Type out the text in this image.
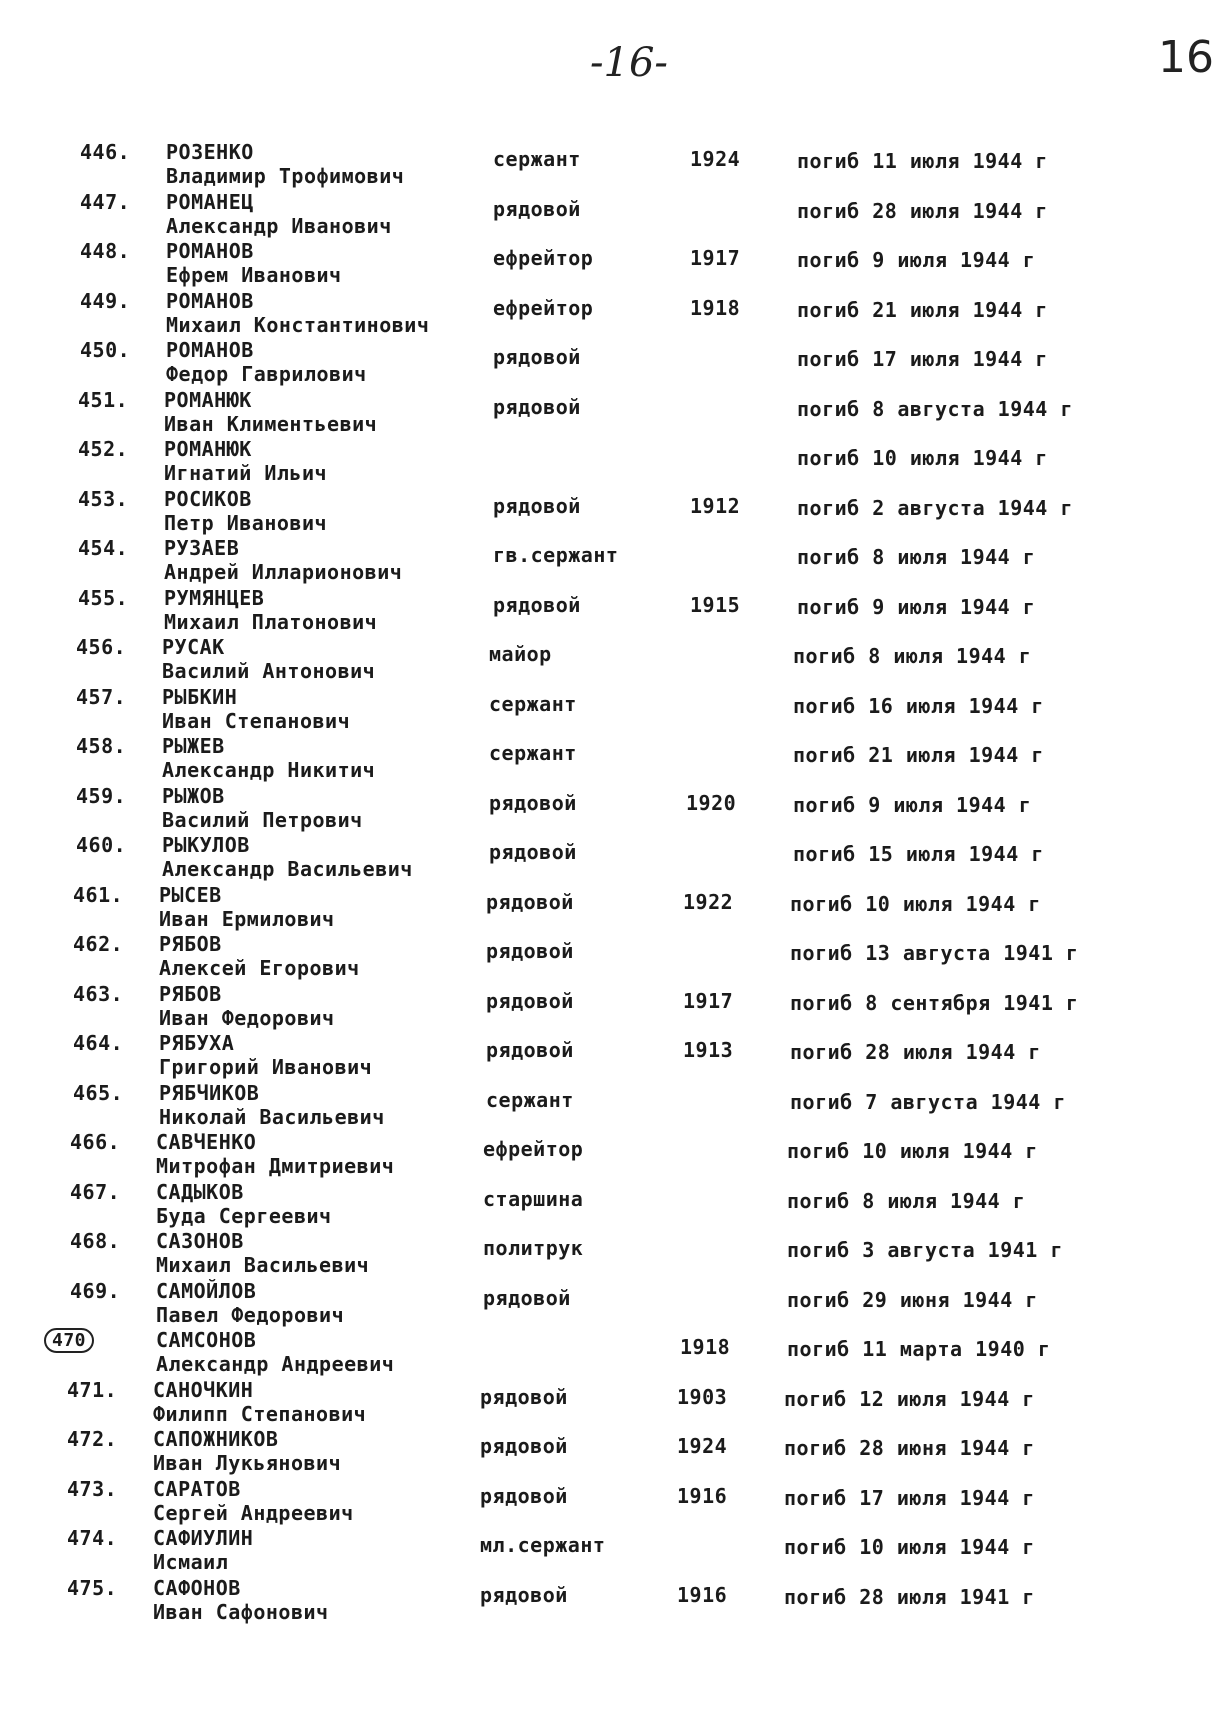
-16-	16
446. РОЗЕНКО
Владимир Трофимович
сержант	1924	погиб 11 июля 1944 г
447. РОМАНЕЦ
Александр Иванович
рядовой	погиб 28 июля 1944 г
448. РОМАНОВ
Ефрем Иванович
ефрейтор	1917	погиб 9 июля 1944 г
449. РОМАНОВ
Михаил Константинович
ефрейтор	1918	погиб 21 июля 1944 г
450. РОМАНОВ
Федор Гаврилович
рядовой	погиб 17 июля 1944 г
451. РОМАНЮК
Иван Климентьевич
рядовой	погиб 8 августа 1944 г
452. РОМАНЮК
Игнатий Ильич
погиб 10 июля 1944 г
453. РОСИКОВ
Петр Иванович
рядовой	1912	погиб 2 августа 1944 г
454. РУЗАЕВ
Андрей Илларионович
гв.сержант	погиб 8 июля 1944 г
455. РУМЯНЦЕВ
Михаил Платонович
рядовой	1915	погиб 9 июля 1944 г
456. РУСАК
Василий Антонович
майор	погиб 8 июля 1944 г
457. РЫБКИН
Иван Степанович
сержант	погиб 16 июля 1944 г
458. РЫЖЕВ
Александр Никитич
сержант	погиб 21 июля 1944 г
459. РЫЖОВ
Василий Петрович
рядовой	1920	погиб 9 июля 1944 г
460. РЫКУЛОВ
Александр Васильевич
рядовой	погиб 15 июля 1944 г
461. РЫСЕВ
Иван Ермилович
рядовой	1922	погиб 10 июля 1944 г
462. РЯБОВ
Алексей Егорович
рядовой	погиб 13 августа 1941 г
463. РЯБОВ
Иван Федорович
рядовой	1917	погиб 8 сентября 1941 г
464. РЯБУХА
Григорий Иванович
рядовой	1913	погиб 28 июля 1944 г
465. РЯБЧИКОВ
Николай Васильевич
сержант	погиб 7 августа 1944 г
466. САВЧЕНКО
Митрофан Дмитриевич
ефрейтор	погиб 10 июля 1944 г
467. САДЫКОВ
Буда Сергеевич
старшина	погиб 8 июля 1944 г
468. САЗОНОВ
Михаил Васильевич
политрук	погиб 3 августа 1941 г
469. САМОЙЛОВ
Павел Федорович
рядовой	погиб 29 июня 1944 г
470	САМСОНОВ
Александр Андреевич
1918	погиб 11 марта 1940 г
471. САНОЧКИН
Филипп Степанович
рядовой	1903	погиб 12 июля 1944 г
472. САПОЖНИКОВ
Иван Лукьянович
рядовой	1924	погиб 28 июня 1944 г
473. САРАТОВ
Сергей Андреевич
рядовой	1916	погиб 17 июля 1944 г
474. САФИУЛИН
Исмаил
мл.сержант	погиб 10 июля 1944 г
475. САФОНОВ
Иван Сафонович
рядовой	1916	погиб 28 июля 1941 г
